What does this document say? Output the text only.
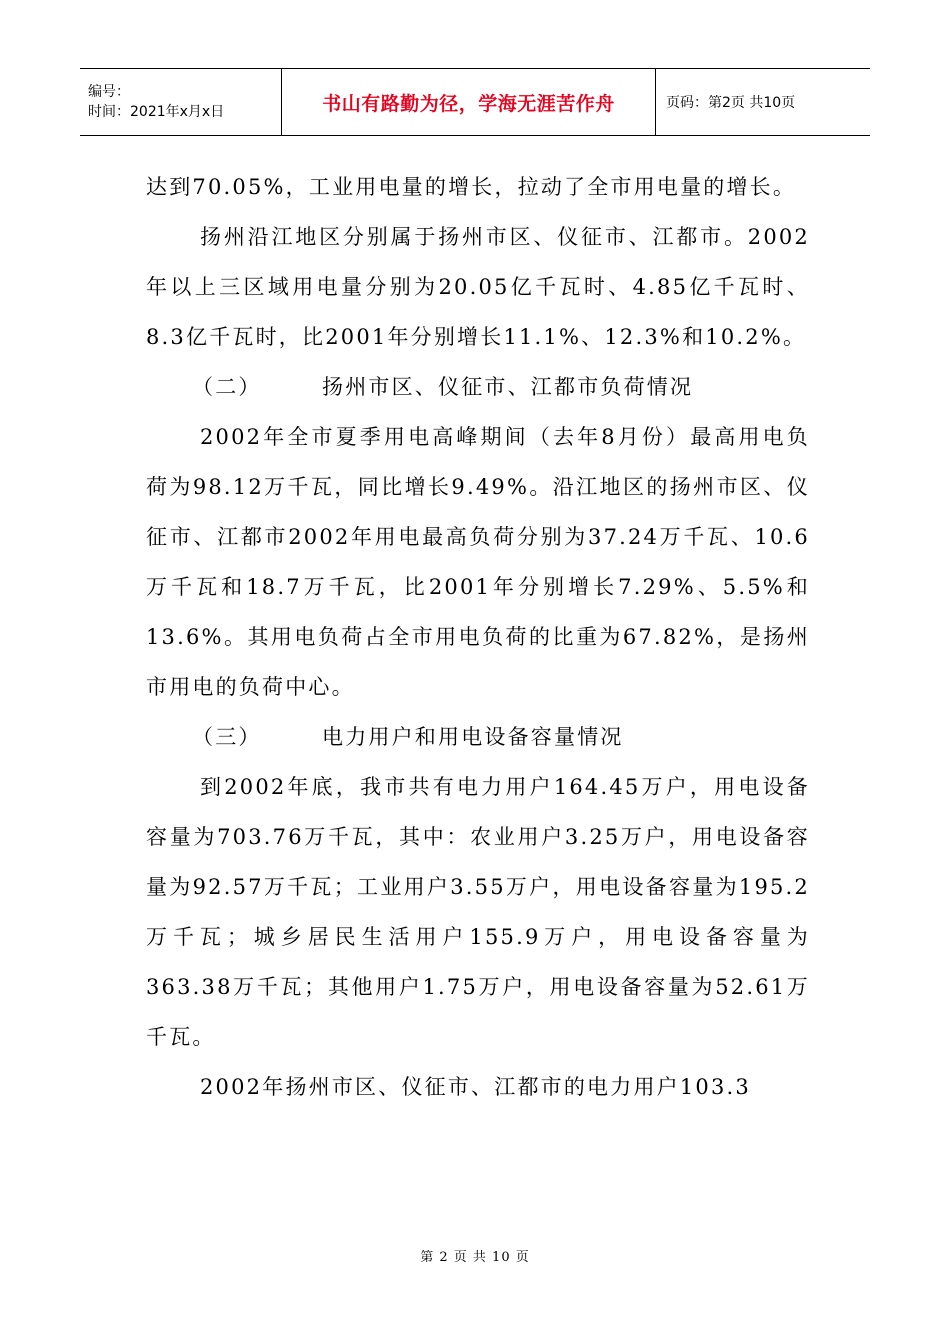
编号：
时间：2021年x月x日	书山有路勤为径，学海无涯苦作舟	页码：第2页 共10页

达到70.05%，工业用电量的增长，拉动了全市用电量的增长。

扬州沿江地区分别属于扬州市区、仪征市、江都市。2002年以上三区域用电量分别为20.05亿千瓦时、4.85亿千瓦时、8.3亿千瓦时，比2001年分别增长11.1%、12.3%和10.2%。

（二）	扬州市区、仪征市、江都市负荷情况

2002年全市夏季用电高峰期间（去年8月份）最高用电负荷为98.12万千瓦，同比增长9.49%。沿江地区的扬州市区、仪征市、江都市2002年用电最高负荷分别为37.24万千瓦、10.6万千瓦和18.7万千瓦，比2001年分别增长7.29%、5.5%和13.6%。其用电负荷占全市用电负荷的比重为67.82%，是扬州市用电的负荷中心。

（三）	电力用户和用电设备容量情况

到2002年底，我市共有电力用户164.45万户，用电设备容量为703.76万千瓦，其中：农业用户3.25万户，用电设备容量为92.57万千瓦；工业用户3.55万户，用电设备容量为195.2万千瓦；城乡居民生活用户155.9万户，用电设备容量为363.38万千瓦；其他用户1.75万户，用电设备容量为52.61万千瓦。

2002年扬州市区、仪征市、江都市的电力用户103.3

第 2 页 共 10 页
